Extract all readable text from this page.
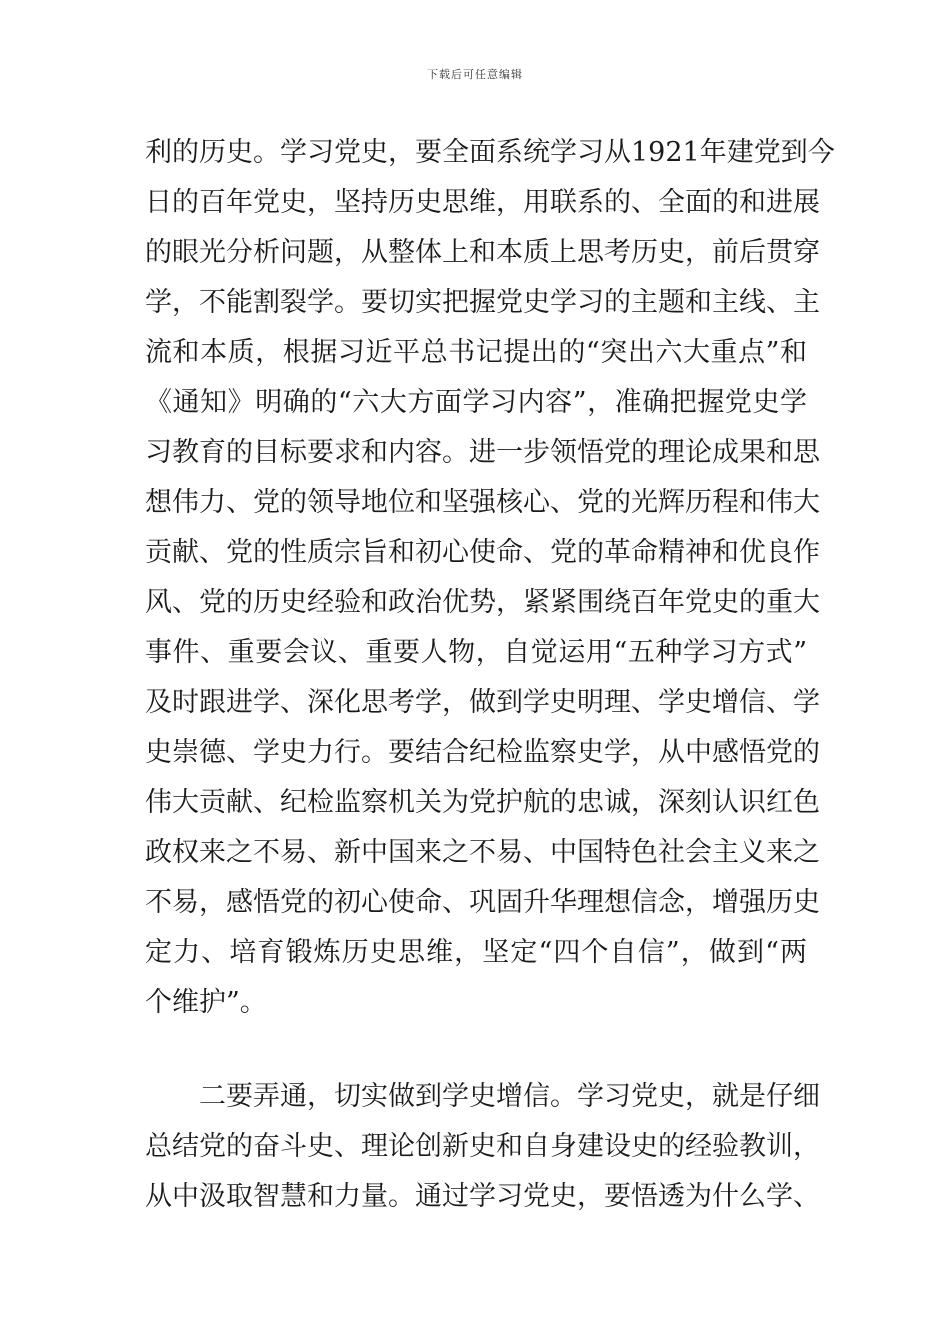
下载后可任意编辑
利的历史。学习党史，要全面系统学习从1921年建党到今
日的百年党史，坚持历史思维，用联系的、全面的和进展
的眼光分析问题，从整体上和本质上思考历史，前后贯穿
学，不能割裂学。要切实把握党史学习的主题和主线、主
流和本质，根据习近平总书记提出的“突出六大重点”和
《通知》明确的“六大方面学习内容”，准确把握党史学
习教育的目标要求和内容。进一步领悟党的理论成果和思
想伟力、党的领导地位和坚强核心、党的光辉历程和伟大
贡献、党的性质宗旨和初心使命、党的革命精神和优良作
风、党的历史经验和政治优势，紧紧围绕百年党史的重大
事件、重要会议、重要人物，自觉运用“五种学习方式”
及时跟进学、深化思考学，做到学史明理、学史增信、学
史崇德、学史力行。要结合纪检监察史学，从中感悟党的
伟大贡献、纪检监察机关为党护航的忠诚，深刻认识红色
政权来之不易、新中国来之不易、中国特色社会主义来之
不易，感悟党的初心使命、巩固升华理想信念，增强历史
定力、培育锻炼历史思维，坚定“四个自信”，做到“两
个维护”。
　　二要弄通，切实做到学史增信。学习党史，就是仔细
总结党的奋斗史、理论创新史和自身建设史的经验教训，
从中汲取智慧和力量。通过学习党史，要悟透为什么学、
